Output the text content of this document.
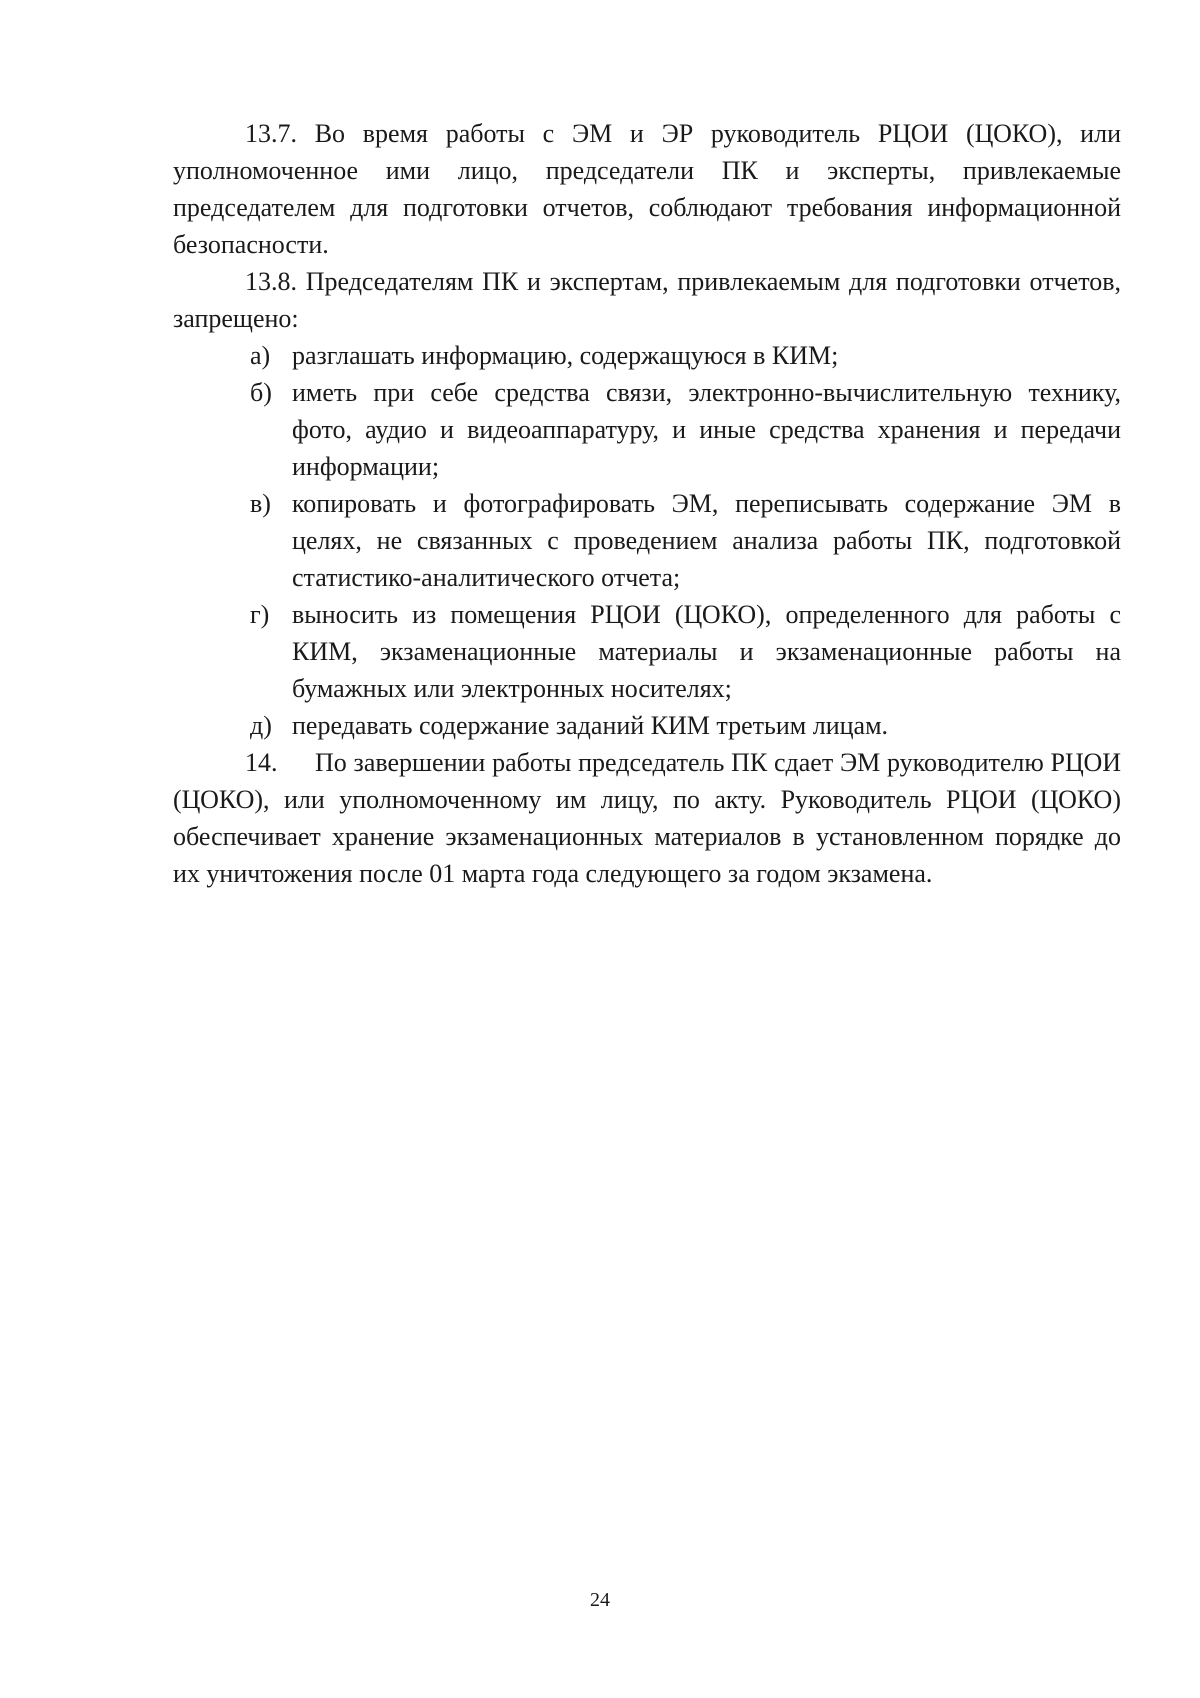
13.7. Во время работы с ЭМ и ЭР руководитель РЦОИ (ЦОКО), или уполномоченное ими лицо, председатели ПК и эксперты, привлекаемые председателем для подготовки отчетов, соблюдают требования информационной безопасности.

13.8. Председателям ПК и экспертам, привлекаемым для подготовки отчетов, запрещено:

а) разглашать информацию, содержащуюся в КИМ;
б) иметь при себе средства связи, электронно-вычислительную технику, фото, аудио и видеоаппаратуру, и иные средства хранения и передачи информации;
в) копировать и фотографировать ЭМ, переписывать содержание ЭМ в целях, не связанных с проведением анализа работы ПК, подготовкой статистико-аналитического отчета;
г) выносить из помещения РЦОИ (ЦОКО), определенного для работы с КИМ, экзаменационные материалы и экзаменационные работы на бумажных или электронных носителях;
д) передавать содержание заданий КИМ третьим лицам.

14. По завершении работы председатель ПК сдает ЭМ руководителю РЦОИ (ЦОКО), или уполномоченному им лицу, по акту. Руководитель РЦОИ (ЦОКО) обеспечивает хранение экзаменационных материалов в установленном порядке до их уничтожения после 01 марта года следующего за годом экзамена.

24
